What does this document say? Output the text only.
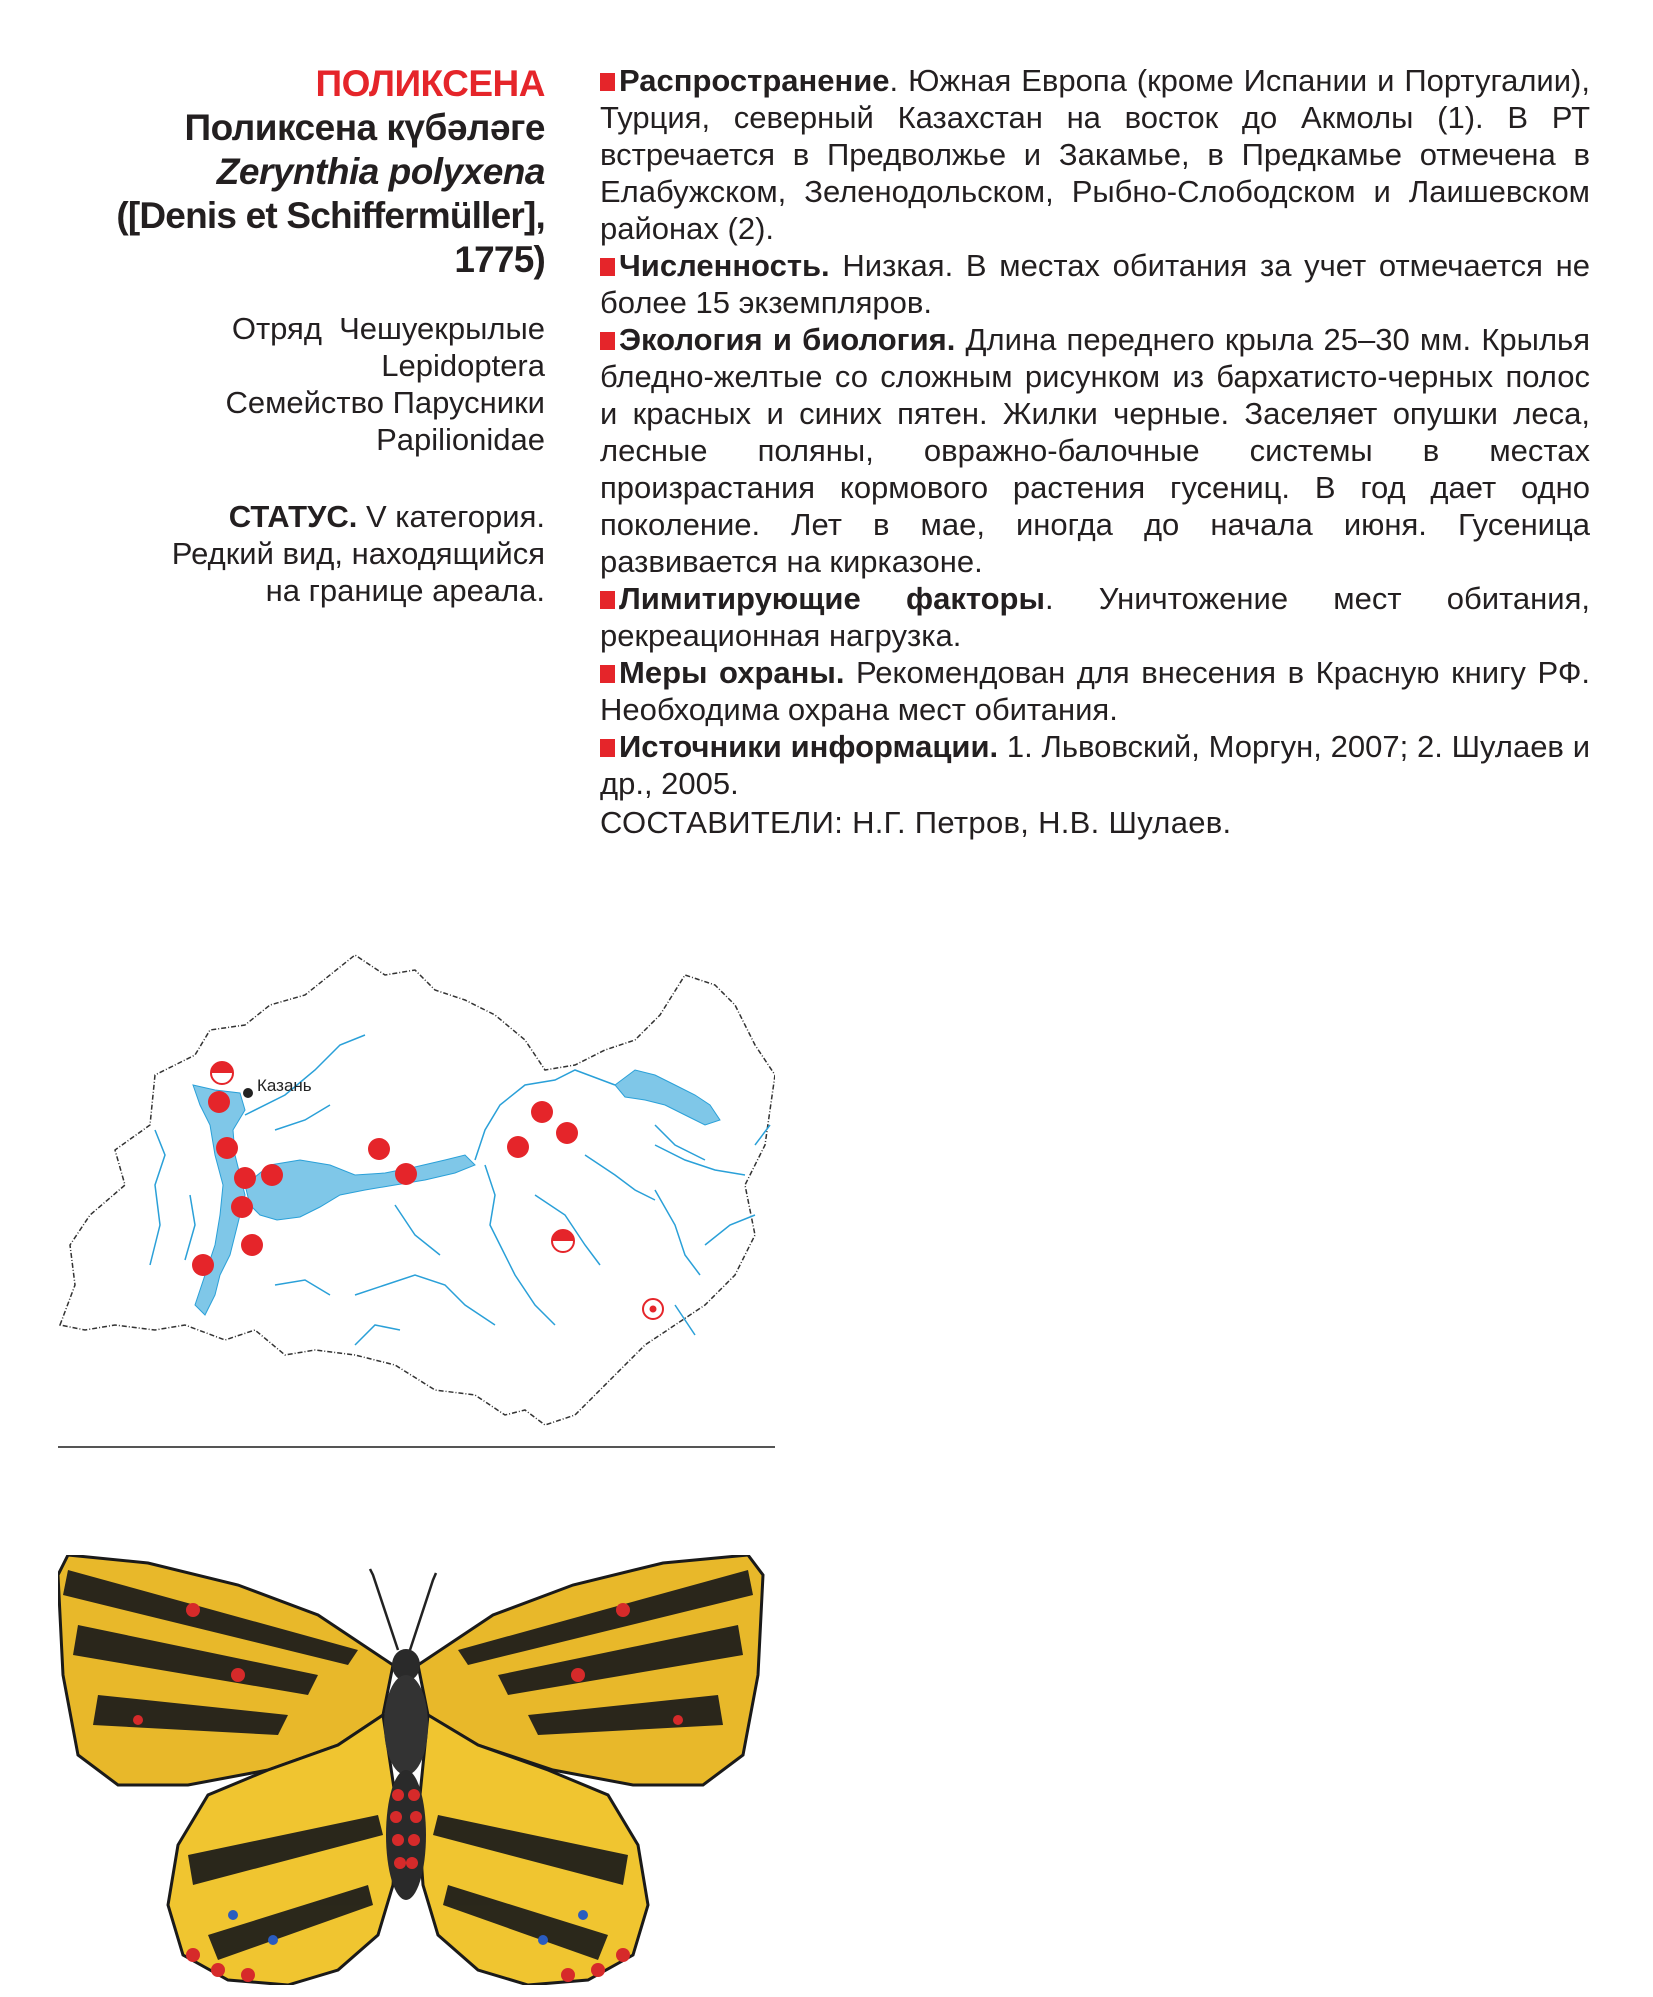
ПОЛИКСЕНА
Поликсена күбәләге
Zerynthia polyxena
([Denis et Schiffermüller], 1775)
Отряд  Чешуекрылые
Lepidoptera
Семейство Парусники
Papilionidae
СТАТУС. V категория.
Редкий вид, находящийся
на границе ареала.

Распространение. Южная Европа (кроме Испании и Португалии), Турция, северный Казахстан на восток до Акмолы (1). В РТ встречается в Предволжье и Закамье, в Предкамье отмечена в Елабужском, Зеленодольском, Рыбно-Слободском и Лаишевском районах (2).

Численность. Низкая. В местах обитания за учет отмечается не более 15 экземпляров.

Экология и биология. Длина переднего крыла 25–30 мм. Крылья бледно-желтые со сложным рисунком из бархатисто-черных полос и красных и синих пятен. Жилки черные. Заселяет опушки леса, лесные поляны, овражно-балочные системы в местах произрастания кормового растения гусениц. В год дает одно поколение. Лет в мае, иногда до начала июня. Гусеница развивается на кирказоне.

Лимитирующие факторы. Уничтожение мест обитания, рекреационная нагрузка.

Меры охраны. Рекомендован для внесения в Красную книгу РФ. Необходима охрана мест обитания.

Источники информации. 1. Львовский, Моргун, 2007; 2. Шулаев и др., 2005.

СОСТАВИТЕЛИ: Н.Г. Петров, Н.В. Шулаев.
Казань
